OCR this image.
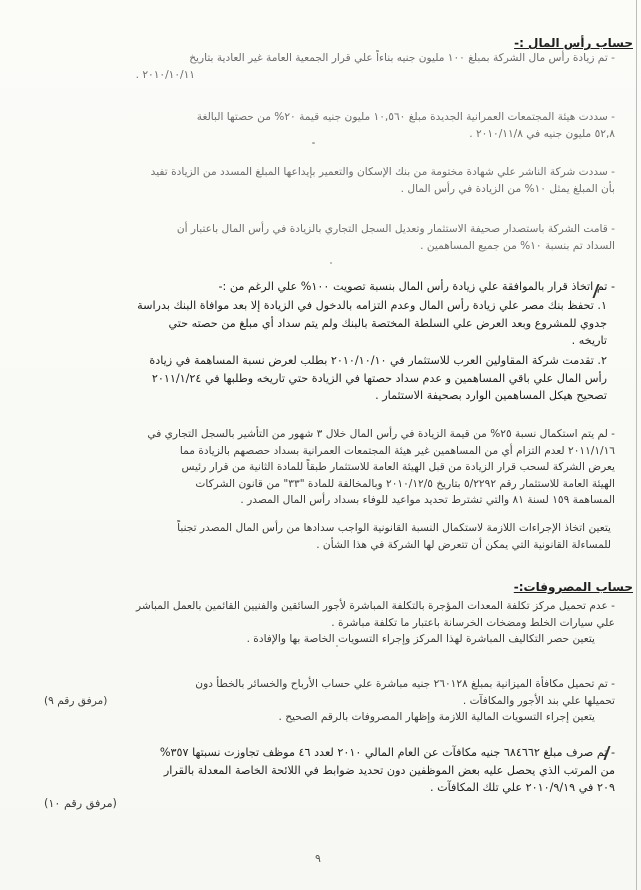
حساب رأس المال :-
- تم زيادة رأس مال الشركة بمبلغ ١٠٠ مليون جنيه بناءاً علي قرار الجمعية العامة غير العادية بتاريخ
٢٠١٠/١٠/١١ .
- سددت هيئة المجتمعات العمرانية الجديدة مبلغ ١٠,٥٦٠ مليون جنيه قيمة ٢٠% من حصتها البالغة
٥٢,٨ مليون جنيه في ٢٠١٠/١١/٨ .
- سددت شركة الناشر علي شهادة مختومة من بنك الإسكان والتعمير بإيداعها المبلغ المسدد من الزيادة تفيد
بأن المبلغ يمثل ١٠% من الزيادة في رأس المال .
- قامت الشركة باستصدار صحيفة الاستثمار وتعديل السجل التجاري بالزيادة في رأس المال باعتبار أن
السداد تم بنسبة ١٠% من جميع المساهمين .
- تم اتخاذ قرار بالموافقة علي زيادة رأس المال بنسبة تصويت ١٠٠% علي الرغم من :-
١. تحفظ بنك مصر علي زيادة رأس المال وعدم التزامه بالدخول في الزيادة إلا بعد موافاة البنك بدراسة
جدوي للمشروع وبعد العرض علي السلطة المختصة بالبنك ولم يتم سداد أي مبلغ من حصته حتي
تاريخه .
٢. تقدمت شركة المقاولين العرب للاستثمار في ٢٠١٠/١٠/١٠ بطلب لعرض نسبة المساهمة في زيادة
رأس المال علي باقي المساهمين و عدم سداد حصتها في الزيادة حتي تاريخه وطلبها في ٢٠١١/١/٢٤
تصحيح هيكل المساهمين الوارد بصحيفة الاستثمار .
- لم يتم استكمال نسبة ٢٥% من قيمة الزيادة في رأس المال خلال ٣ شهور من التأشير بالسجل التجاري في
٢٠١١/١/١٦ لعدم التزام أي من المساهمين غير هيئة المجتمعات العمرانية بسداد حصصهم بالزيادة مما
يعرض الشركة لسحب قرار الزيادة من قبل الهيئة العامة للاستثمار طبقاً للمادة الثانية من قرار رئيس
الهيئة العامة للاستثمار رقم ٥/٢٢٩٢ بتاريخ ٢٠١٠/١٢/٥ وبالمخالفة للمادة "٣٣" من قانون الشركات
المساهمة ١٥٩ لسنة ٨١ والتي تشترط تحديد مواعيد للوفاء بسداد رأس المال المصدر .
يتعين اتخاذ الإجراءات اللازمة لاستكمال النسبة القانونية الواجب سدادها من رأس المال المصدر تجنباً
للمساءلة القانونية التي يمكن أن تتعرض لها الشركة في هذا الشأن .
حساب المصروفات:-
- عدم تحميل مركز تكلفة المعدات المؤجرة بالتكلفة المباشرة لأجور السائقين والفنيين القائمين بالعمل المباشر
علي سيارات الخلط ومضخات الخرسانة باعتبار ما تكلفة مباشرة .
يتعين حصر التكاليف المباشرة لهذا المركز وإجراء التسويات الخاصة بها والإفادة .
- تم تحميل مكافأة الميزانية بمبلغ ٢٦٠١٢٨ جنيه مباشرة علي حساب الأرباح والخسائر بالخطأ دون
تحميلها علي بند الأجور والمكافآت .
يتعين إجراء التسويات المالية اللازمة وإظهار المصروفات بالرقم الصحيح .
(مرفق رقم ٩)
- تم صرف مبلغ ٦٨٤٦٦٢ جنيه مكافآت عن العام المالي ٢٠١٠ لعدد ٤٦ موظف تجاوزت نسبتها ٣٥٧%
من المرتب الذي يحصل عليه بعض الموظفين دون تحديد ضوابط في اللائحة الخاصة المعدلة بالقرار
٢٠٩ في ٢٠١٠/٩/١٩ علي تلك المكافآت .
(مرفق رقم ١٠)
٩
